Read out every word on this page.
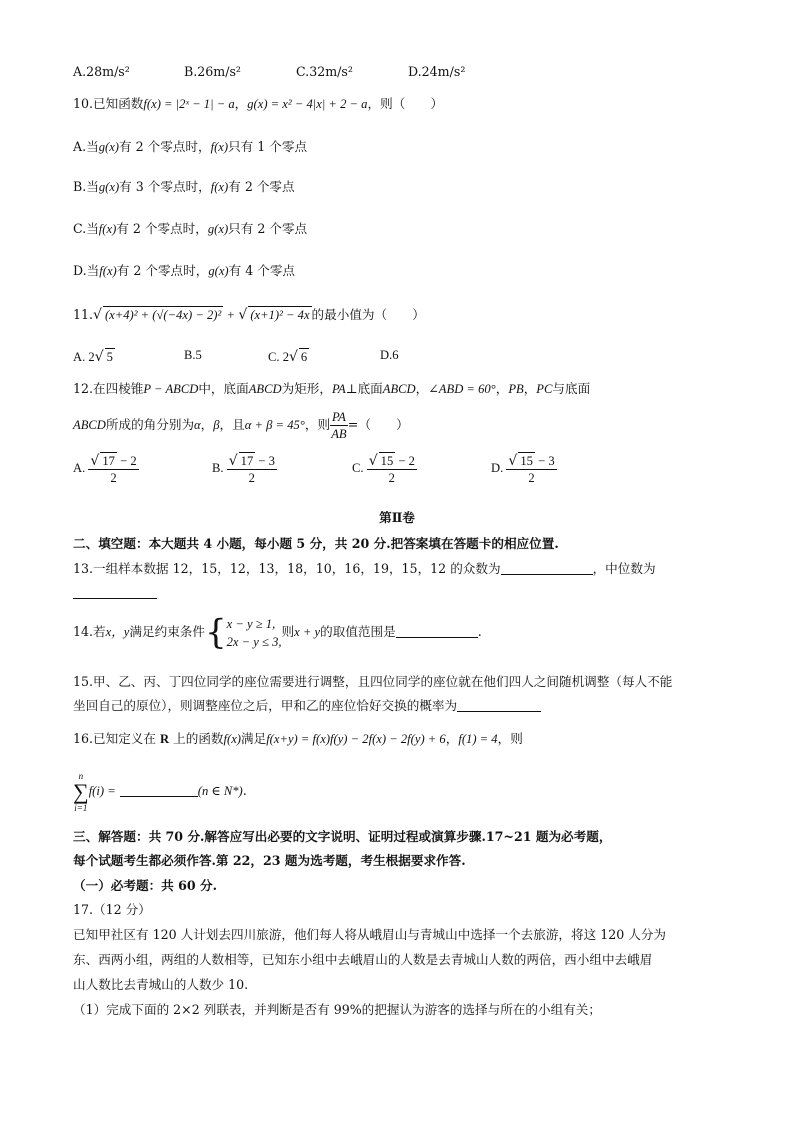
A.28m/s²	B.26m/s²	C.32m/s²	D.24m/s²
10.已知函数f(x) = |2ˣ − 1| − a，g(x) = x² − 4|x| + 2 − a，则（　　）
A.当g(x)有 2 个零点时，f(x)只有 1 个零点
B.当g(x)有 3 个零点时，f(x)有 2 个零点
C.当f(x)有 2 个零点时，g(x)只有 2 个零点
D.当f(x)有 2 个零点时，g(x)有 4 个零点
11.√ (x+4)² + (√(−4x) − 2)² + √ (x+1)² − 4x 的最小值为（　　）
A. 2√ 5	B.5	C. 2√ 6	D.6
12.在四棱锥P − ABCD中，底面ABCD为矩形，PA⊥底面ABCD，∠ABD = 60°，PB，PC与底面
ABCD所成的角分别为α，β，且α + β = 45°，则 $\frac{PA}{AB}$ =（　　）
A. $\frac{√ 17 - 2}{2}$	B. $\frac{√ 17 - 3}{2}$	C. $\frac{√ 15 - 2}{2}$	D. $\frac{√ 15 - 3}{2}$
第Ⅱ卷
二、填空题：本大题共 4 小题，每小题 5 分，共 20 分.把答案填在答题卡的相应位置.
13.一组样本数据 12，15，12，13，18，10，16，19，15，12 的众数为	，中位数为
14.若x，y满足约束条件{ x − y ≥ 1,
2x − y ≤ 3,
则x + y的取值范围是	.
15.甲、乙、丙、丁四位同学的座位需要进行调整，且四位同学的座位就在他们四人之间随机调整（每人不能
坐回自己的原位），则调整座位之后，甲和乙的座位恰好交换的概率为
16.已知定义在 R 上的函数f(x)满足f(x+y) = f(x)f(y) − 2f(x) − 2f(y) + 6，f(1) = 4，则
n
∑
i=1
f(i) =	(n ∈ N*).
三、解答题：共 70 分.解答应写出必要的文字说明、证明过程或演算步骤.17~21 题为必考题，
每个试题考生都必须作答.第 22，23 题为选考题，考生根据要求作答.
（一）必考题：共 60 分.
17.（12 分）
已知甲社区有 120 人计划去四川旅游，他们每人将从峨眉山与青城山中选择一个去旅游，将这 120 人分为
东、西两小组，两组的人数相等，已知东小组中去峨眉山的人数是去青城山人数的两倍，西小组中去峨眉
山人数比去青城山的人数少 10.
（1）完成下面的 2×2 列联表，并判断是否有 99%的把握认为游客的选择与所在的小组有关；
